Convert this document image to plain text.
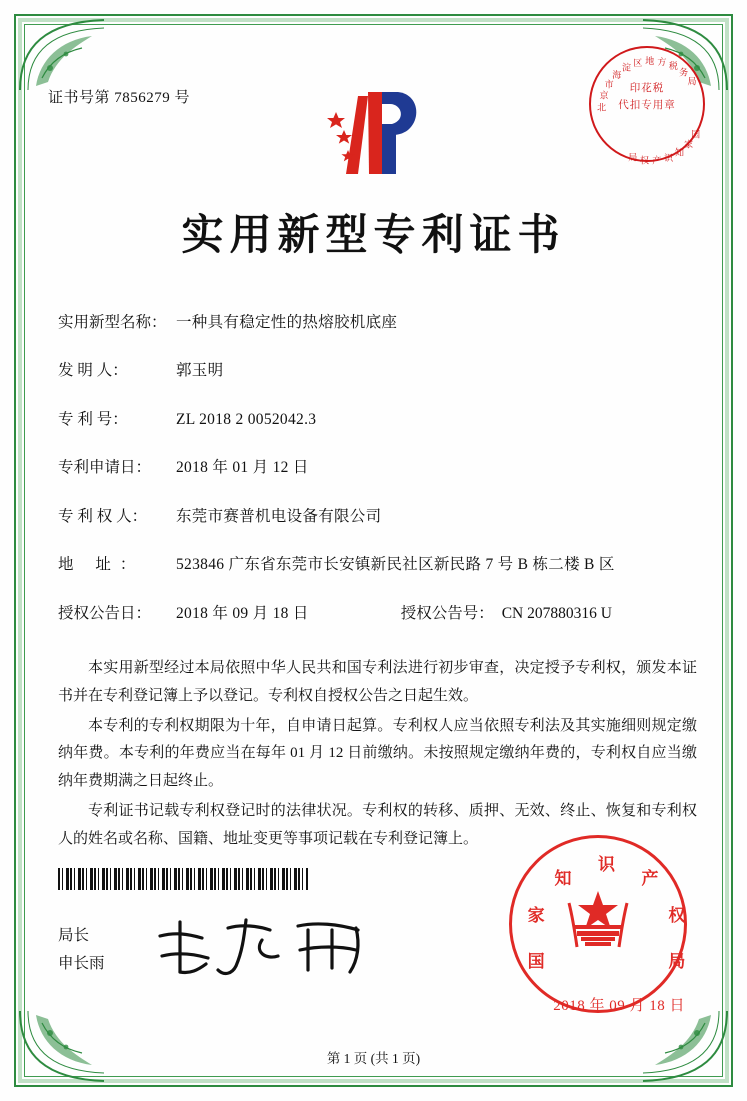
证书号第 7856279 号
北
京
市
海
淀 区 地 方 税
务
局
国
家
知
识
产
权
局
印花税
代扣专用章
实用新型专利证书
实用新型名称： 一种具有稳定性的热熔胶机底座
发 明 人：	郭玉明
专 利 号：	ZL 2018 2 0052042.3
专利申请日：	2018 年 01 月 12 日
专 利 权 人：	东莞市赛普机电设备有限公司
地 址：	523846 广东省东莞市长安镇新民社区新民路 7 号 B 栋二楼 B 区
授权公告日：	2018 年 09 月 18 日	授权公告号： CN 207880316 U

本实用新型经过本局依照中华人民共和国专利法进行初步审查，决定授予专利权，颁发本证书并在专利登记簿上予以登记。专利权自授权公告之日起生效。

本专利的专利权期限为十年，自申请日起算。专利权人应当依照专利法及其实施细则规定缴纳年费。本专利的年费应当在每年 01 月 12 日前缴纳。未按照规定缴纳年费的，专利权自应当缴纳年费期满之日起终止。

专利证书记载专利权登记时的法律状况。专利权的转移、质押、无效、终止、恢复和专利权人的姓名或名称、国籍、地址变更等事项记载在专利登记簿上。

局长
申长雨	国
家
知
识
产
权
局
2018 年 09 月 18 日
第 1 页 (共 1 页)
